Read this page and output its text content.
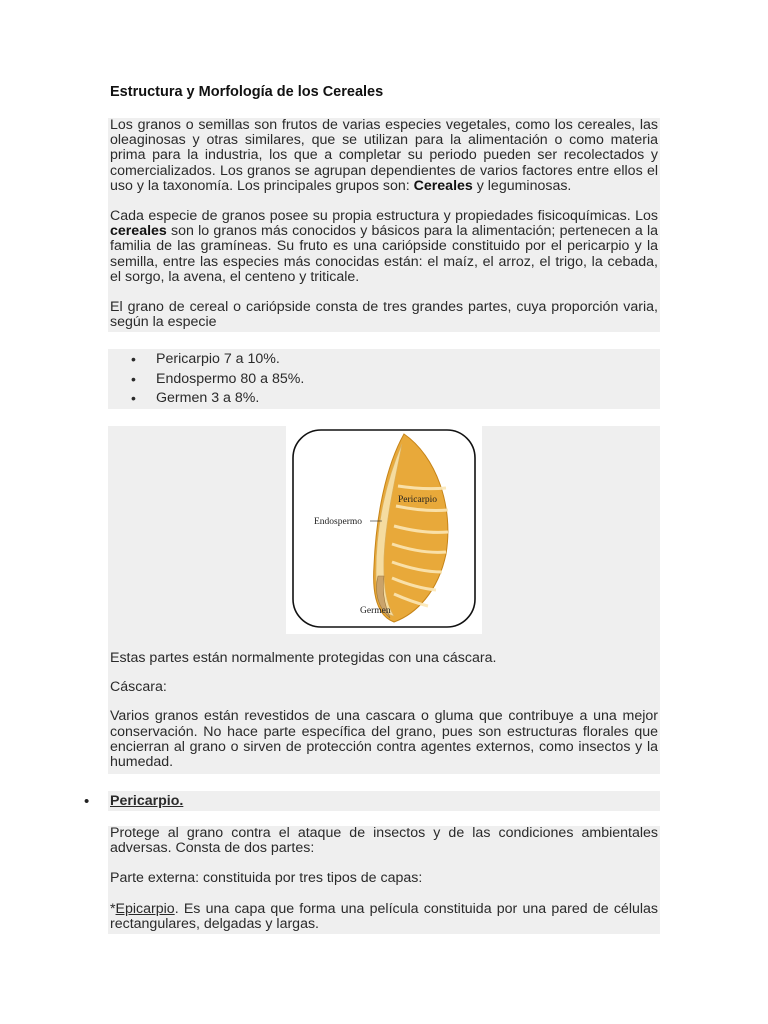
Estructura y Morfología de los Cereales

Los granos o semillas son frutos de varias especies vegetales, como los cereales, las oleaginosas y otras similares, que se utilizan para la alimentación o como materia prima para la industria, los que a completar su periodo pueden ser recolectados y comercializados. Los granos se agrupan dependientes de varios factores entre ellos el uso y la taxonomía. Los principales grupos son: Cereales y leguminosas.

Cada especie de granos posee su propia estructura y propiedades fisicoquímicas. Los cereales son lo granos más conocidos y básicos para la alimentación; pertenecen a la familia de las gramíneas. Su fruto es una cariópside constituido por el pericarpio y la semilla, entre las especies más conocidas están: el maíz, el arroz, el trigo, la cebada, el sorgo, la avena, el centeno y triticale.

El grano de cereal o cariópside consta de tres grandes partes, cuya proporción varia, según la especie

• Pericarpio 7 a 10%.
• Endospermo 80 a 85%.
• Germen 3 a 8%.
Pericarpio
Endospermo
Germen

Estas partes están normalmente protegidas con una cáscara.

Cáscara:

Varios granos están revestidos de una cascara o gluma que contribuye a una mejor conservación. No hace parte específica del grano, pues son estructuras florales que encierran al grano o sirven de protección contra agentes externos, como insectos y la humedad.

• Pericarpio.

Protege al grano contra el ataque de insectos y de las condiciones ambientales adversas. Consta de dos partes:

Parte externa: constituida por tres tipos de capas:

*Epicarpio. Es una capa que forma una película constituida por una pared de células rectangulares, delgadas y largas.
